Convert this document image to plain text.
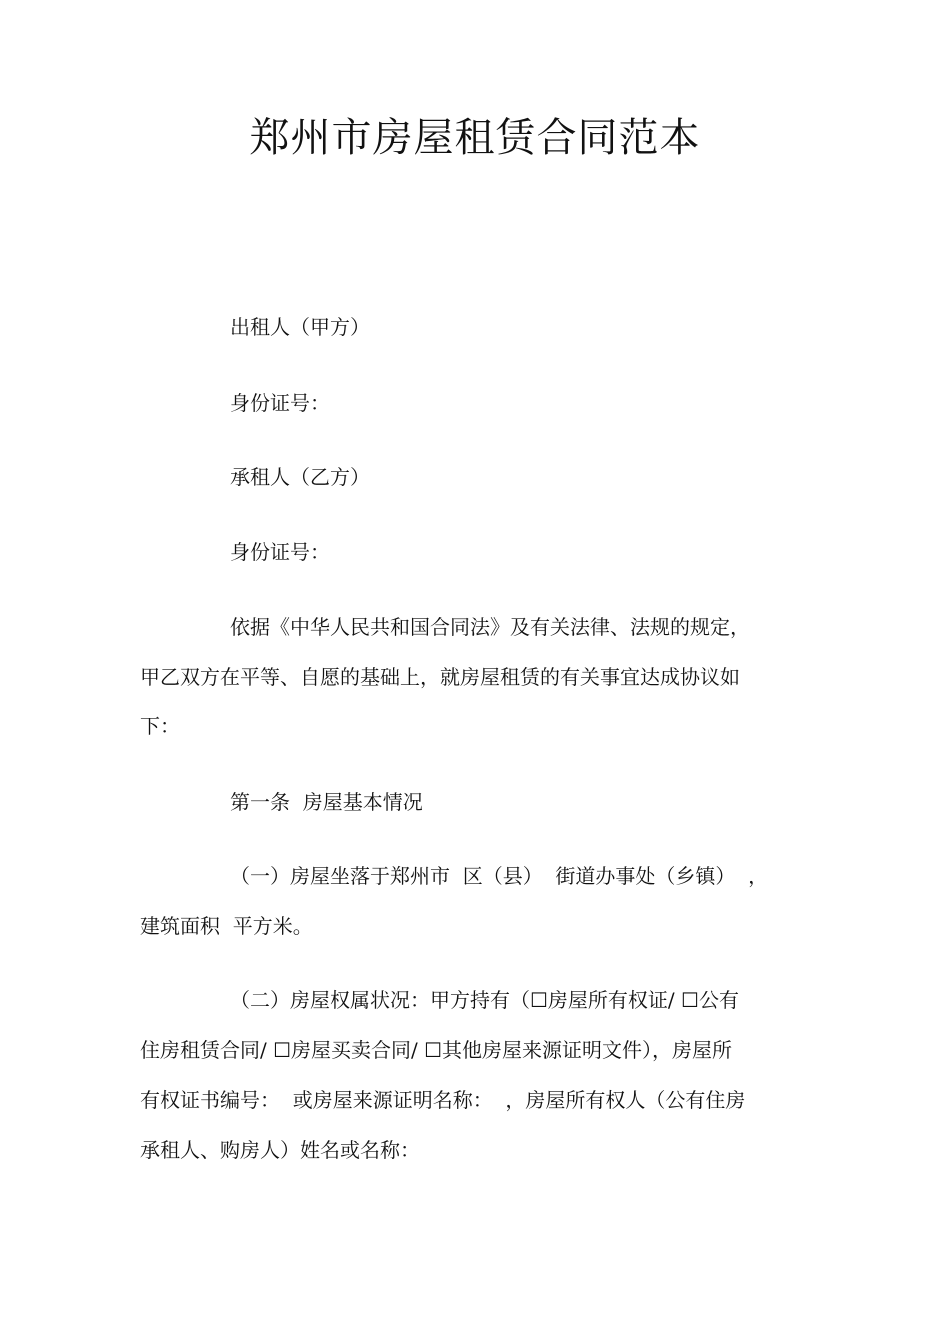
郑州市房屋租赁合同范本
出租人（甲方）
身份证号：
承租人（乙方）
身份证号：
依据《中华人民共和国合同法》及有关法律、法规的规定，
甲乙双方在平等、自愿的基础上，就房屋租赁的有关事宜达成协议如
下：
第一条  房屋基本情况
（一）房屋坐落于郑州市  区（县）  街道办事处（乡镇）  ，
建筑面积  平方米。
（二）房屋权属状况：甲方持有（☐房屋所有权证/ ☐公有
住房租赁合同/ ☐房屋买卖合同/ ☐其他房屋来源证明文件），房屋所
有权证书编号：  或房屋来源证明名称：  ，房屋所有权人（公有住房
承租人、购房人）姓名或名称：
